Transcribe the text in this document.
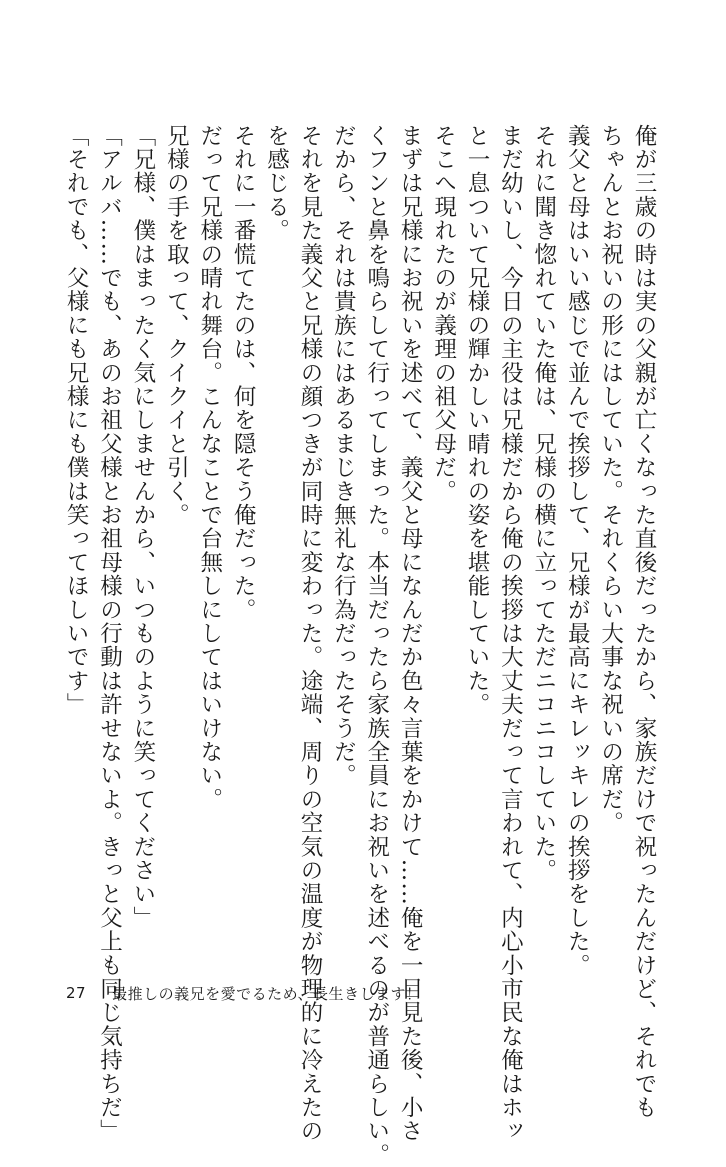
俺が三歳の時は実の父親が亡くなった直後だったから、家族だけで祝ったんだけど、それでも
ちゃんとお祝いの形にはしていた。それくらい大事な祝いの席だ。
義父と母はいい感じで並んで挨拶して、兄様が最高にキレッキレの挨拶をした。
それに聞き惚れていた俺は、兄様の横に立ってただニコニコしていた。
まだ幼いし、今日の主役は兄様だから俺の挨拶は大丈夫だって言われて、内心小市民な俺はホッ
と一息ついて兄様の輝かしい晴れの姿を堪能していた。
そこへ現れたのが義理の祖父母だ。
まずは兄様にお祝いを述べて、義父と母になんだか色々言葉をかけて……俺を一目見た後、小さ
くフンと鼻を鳴らして行ってしまった。本当だったら家族全員にお祝いを述べるのが普通らしい。
だから、それは貴族にはあるまじき無礼な行為だったそうだ。
それを見た義父と兄様の顔つきが同時に変わった。途端、周りの空気の温度が物理的に冷えたの
を感じる。
それに一番慌てたのは、何を隠そう俺だった。
だって兄様の晴れ舞台。こんなことで台無しにしてはいけない。
兄様の手を取って、クイクイと引く。
「兄様、僕はまったく気にしませんから、いつものように笑ってください」
「アルバ……でも、あのお祖父様とお祖母様の行動は許せないよ。きっと父上も同じ気持ちだ」
「それでも、父様にも兄様にも僕は笑ってほしいです」
27 最推しの義兄を愛でるため、長生きします！
